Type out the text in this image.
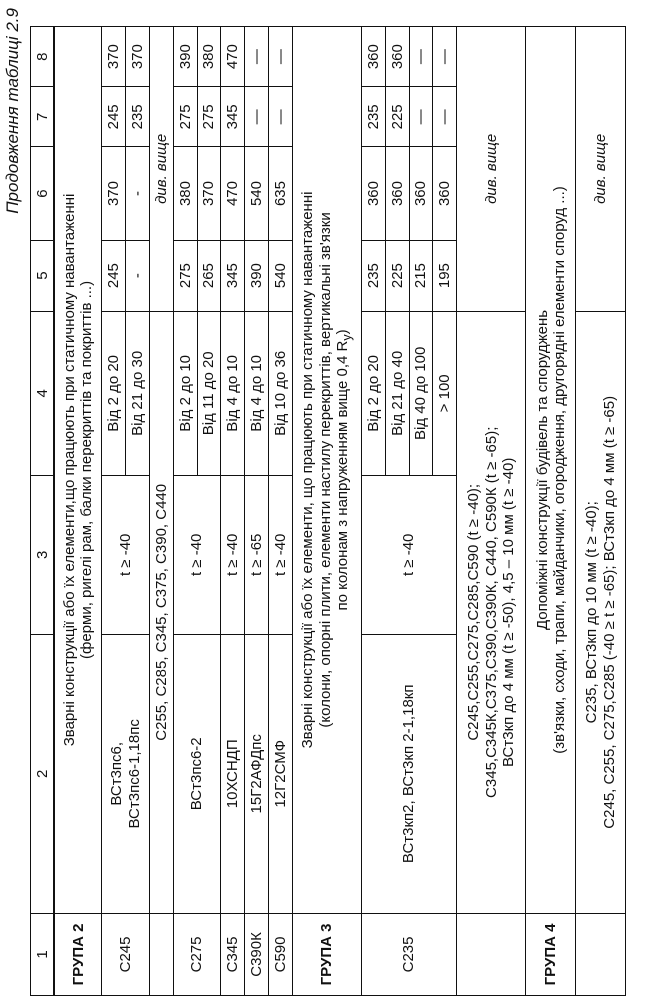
Продовження таблиці 2.9
1	2	3	4	5	6	7	8
ГРУПА 2	Зварні конструкції або їх елементи,що працюють при статичному навантаженні (ферми, ригелі рам, балки перекриттів та покриттів ...)						

С245	ВСт3пс6, ВСт3пс6-1,18пс	t ≥ -40	Від 2 до 20	245	370	245	370
			Від 21 до 30	-	-	235	370
	С255, С285, С345, С375, С390, С440			див. вище			
С275	ВСт3пс6-2	t ≥ -40	Від 2 до 10	275	380	275	390
			Від 11 до 20	265	370	275	380
С345	10ХСНДП	t ≥ -40	Від 4 до 10	345	470	345	470
С390К	15Г2АФДпс	t ≥ -65	Від 4 до 10	390	540	—	—
С590	12Г2СМФ	t ≥ -40	Від 10 до 36	540	635	—	—
ГРУПА 3	Зварні конструкції або їх елементи, що працюють при статичному навантаженні (колони, опорні плити, елементи настилу перекриттів, вертикальні зв'язки по колонам з напруженням вище 0,4 $R_y$)						

С235	ВСт3кп2, ВСт3кп 2-1,18кп	t ≥ -40	Від 2 до 20	235	360	235	360
			Від 21 до 40	225	360	225	360
			Від 40 до 100	215	360	—	—
			> 100	195	360	—	—

	С245,С255,С275,С285,С590 (t ≥ -40); С345,С345К,С375,С390,С390К, С440, С590К (t ≥ -65); ВСт3кп до 4 мм (t ≥ -50), 4,5 – 10 мм (t ≥ -40)			див. вище			
ГРУПА 4	Допоміжні конструкції будівель та споруджень (зв'язки, сходи, трапи, майданчики, огородження, другорядні елементи споруд ...)						

	С235, ВСт3кп до 10 мм (t ≥ -40); С245, С255, С275,С285 (-40 ≥ t ≥ -65); ВСт3кп до 4 мм (t ≥ -65)			див. вище			
